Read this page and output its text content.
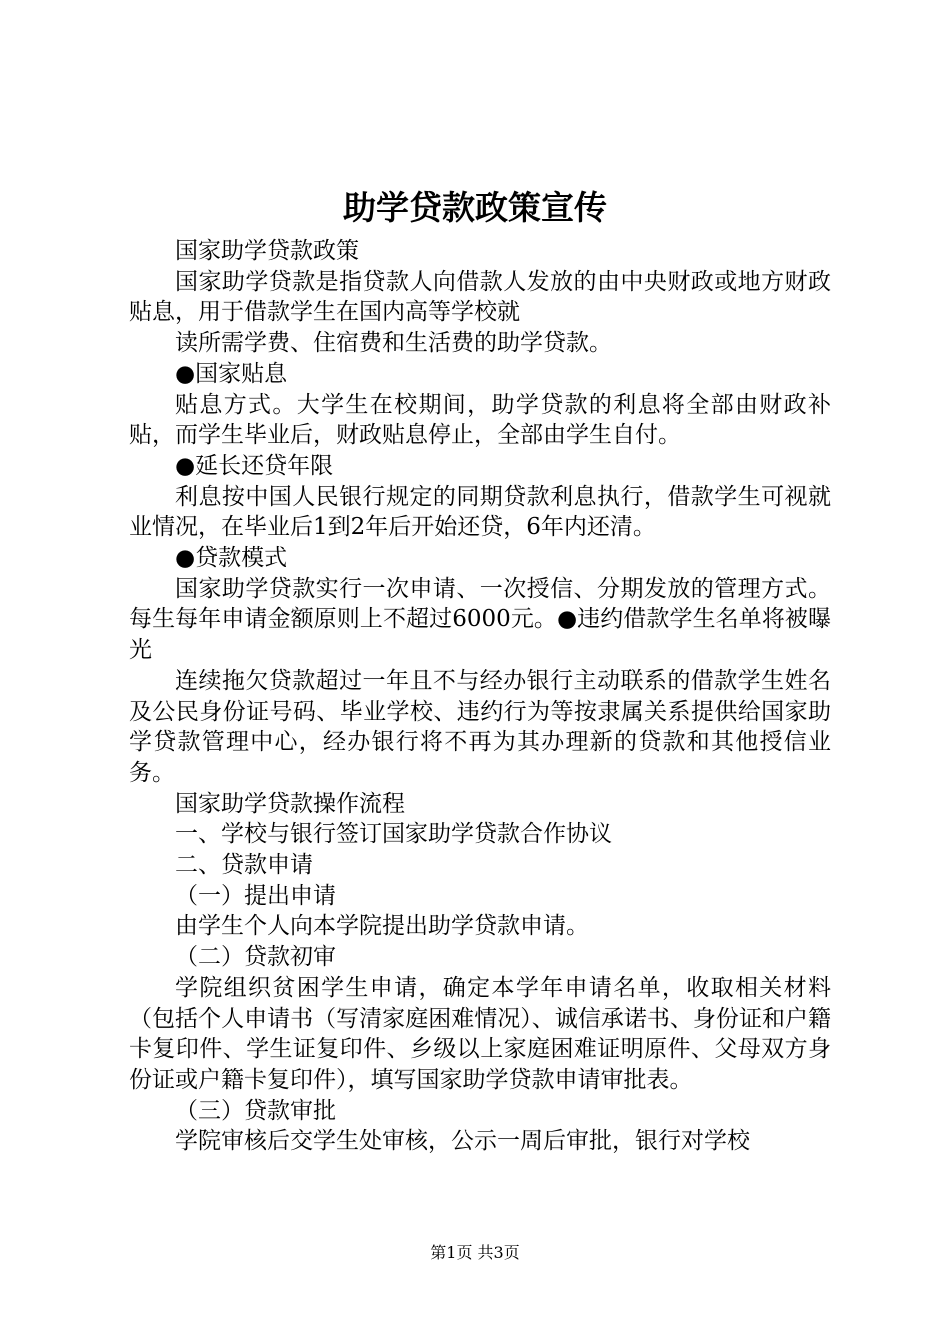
助学贷款政策宣传

国家助学贷款政策

国家助学贷款是指贷款人向借款人发放的由中央财政或地方财政贴息，用于借款学生在国内高等学校就

读所需学费、住宿费和生活费的助学贷款。

●国家贴息

贴息方式。大学生在校期间，助学贷款的利息将全部由财政补贴，而学生毕业后，财政贴息停止，全部由学生自付。

●延长还贷年限

利息按中国人民银行规定的同期贷款利息执行，借款学生可视就业情况，在毕业后1到2年后开始还贷，6年内还清。

●贷款模式

国家助学贷款实行一次申请、一次授信、分期发放的管理方式。每生每年申请金额原则上不超过6000元。●违约借款学生名单将被曝光

连续拖欠贷款超过一年且不与经办银行主动联系的借款学生姓名及公民身份证号码、毕业学校、违约行为等按隶属关系提供给国家助学贷款管理中心，经办银行将不再为其办理新的贷款和其他授信业务。

国家助学贷款操作流程

一、学校与银行签订国家助学贷款合作协议

二、贷款申请

（一）提出申请

由学生个人向本学院提出助学贷款申请。

（二）贷款初审

学院组织贫困学生申请，确定本学年申请名单，收取相关材料（包括个人申请书（写清家庭困难情况）、诚信承诺书、身份证和户籍卡复印件、学生证复印件、乡级以上家庭困难证明原件、父母双方身份证或户籍卡复印件），填写国家助学贷款申请审批表。

（三）贷款审批

学院审核后交学生处审核，公示一周后审批，银行对学校

第1页 共3页
